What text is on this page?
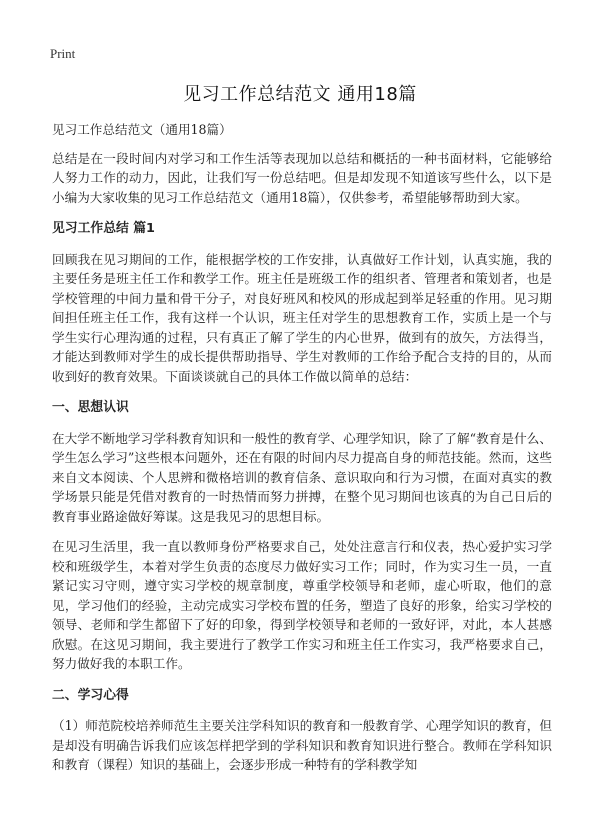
Print
见习工作总结范文 通用18篇

见习工作总结范文（通用18篇）

总结是在一段时间内对学习和工作生活等表现加以总结和概括的一种书面材料，它能够给人努力工作的动力，因此，让我们写一份总结吧。但是却发现不知道该写些什么，以下是小编为大家收集的见习工作总结范文（通用18篇），仅供参考，希望能够帮助到大家。

见习工作总结 篇1

回顾我在见习期间的工作，能根据学校的工作安排，认真做好工作计划，认真实施，我的主要任务是班主任工作和教学工作。班主任是班级工作的组织者、管理者和策划者，也是学校管理的中间力量和骨干分子，对良好班风和校风的形成起到举足轻重的作用。见习期间担任班主任工作，我有这样一个认识，班主任对学生的思想教育工作，实质上是一个与学生实行心理沟通的过程，只有真正了解了学生的内心世界，做到有的放矢，方法得当，才能达到教师对学生的成长提供帮助指导、学生对教师的工作给予配合支持的目的，从而收到好的教育效果。下面谈谈就自己的具体工作做以简单的总结：

一、思想认识

在大学不断地学习学科教育知识和一般性的教育学、心理学知识，除了了解“教育是什么、学生怎么学习”这些根本问题外，还在有限的时间内尽力提高自身的师范技能。然而，这些来自文本阅读、个人思辨和微格培训的教育信条、意识取向和行为习惯，在面对真实的教学场景只能是凭借对教育的一时热情而努力拼搏，在整个见习期间也该真的为自己日后的教育事业路途做好筹谋。这是我见习的思想目标。

在见习生活里，我一直以教师身份严格要求自己，处处注意言行和仪表，热心爱护实习学校和班级学生，本着对学生负责的态度尽力做好实习工作；同时，作为实习生一员，一直紧记实习守则，遵守实习学校的规章制度，尊重学校领导和老师，虚心听取，他们的意见，学习他们的经验，主动完成实习学校布置的任务，塑造了良好的形象，给实习学校的领导、老师和学生都留下了好的印象，得到学校领导和老师的一致好评，对此，本人甚感欣慰。在这见习期间，我主要进行了教学工作实习和班主任工作实习，我严格要求自己，努力做好我的本职工作。

二、学习心得

（1）师范院校培养师范生主要关注学科知识的教育和一般教育学、心理学知识的教育，但是却没有明确告诉我们应该怎样把学到的学科知识和教育知识进行整合。教师在学科知识和教育（课程）知识的基础上，会逐步形成一种特有的学科教学知
